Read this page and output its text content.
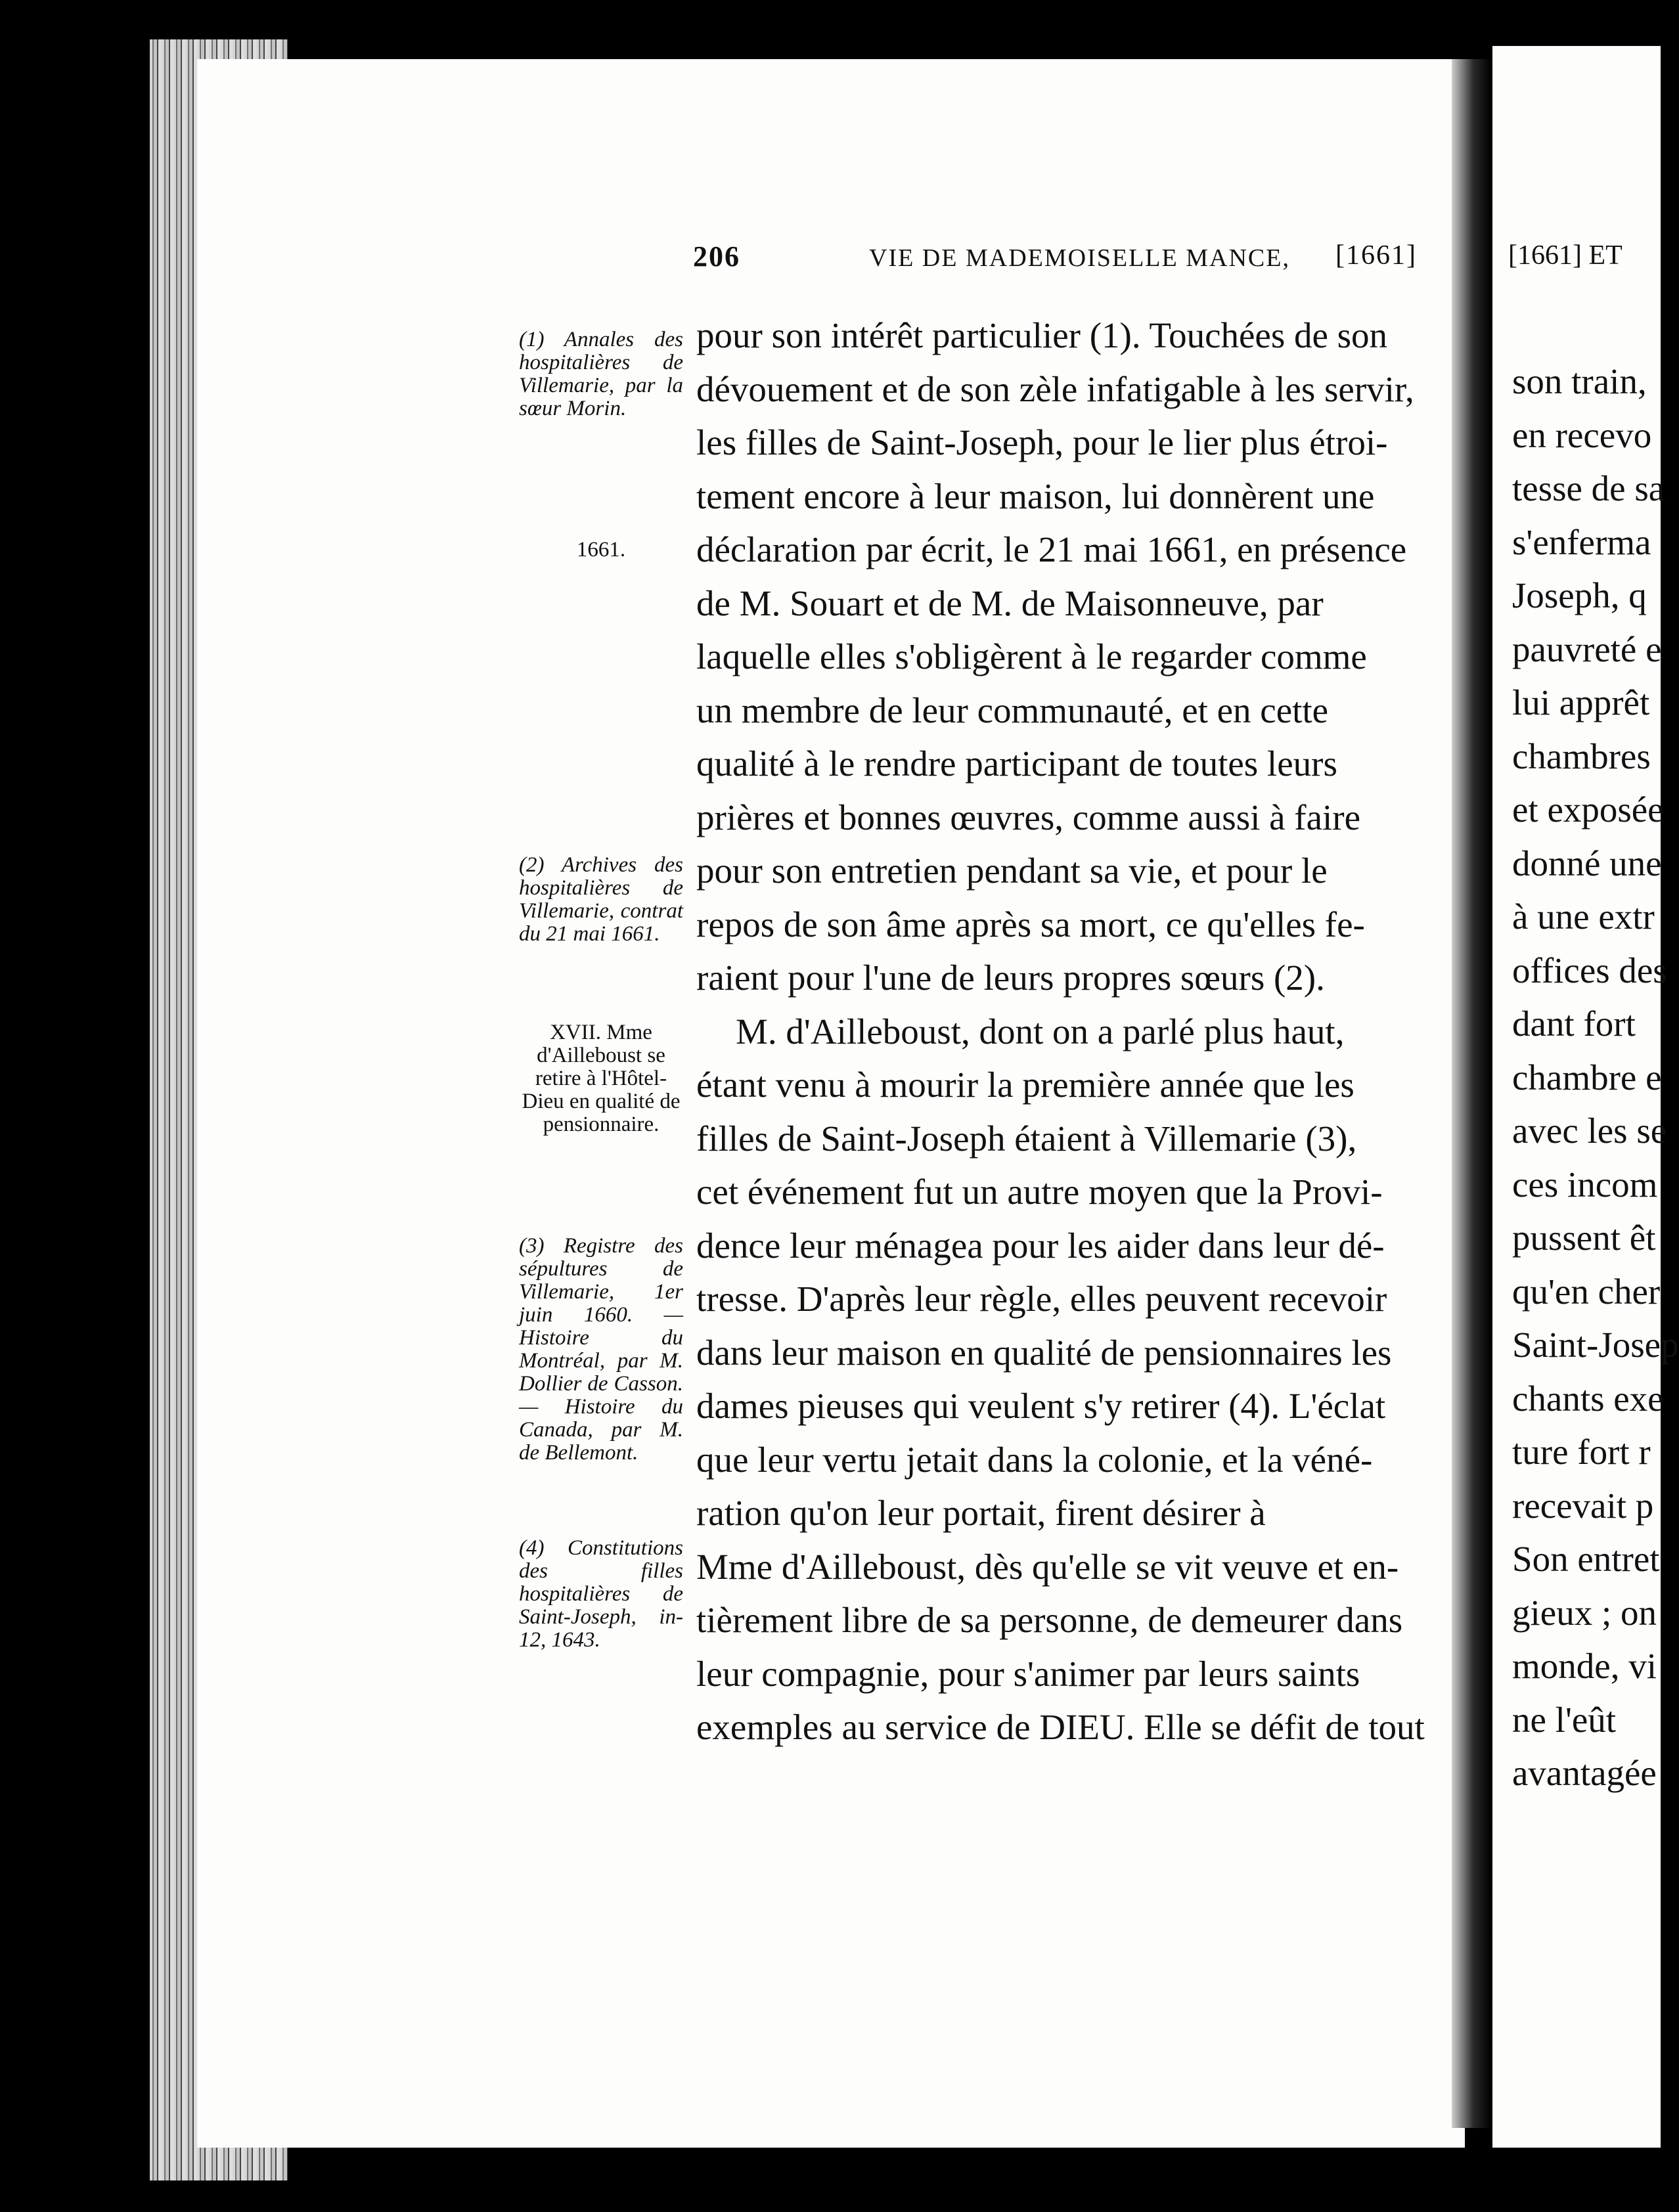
206	VIE DE MADEMOISELLE MANCE, [1661]
(1) Annales des hospitalières de Villemarie, par la sœur Morin.
1661.
(2) Archives des hospitalières de Villemarie, contrat du 21 mai 1661.
XVII. Mme d'Ailleboust se retire à l'Hôtel-Dieu en qualité de pensionnaire.
(3) Registre des sépultures de Villemarie, 1er juin 1660. —Histoire du Montréal, par M. Dollier de Casson.— Histoire du Canada, par M. de Bellemont.
(4) Constitutions des filles hospitalières de Saint-Joseph, in-12, 1643.
pour son intérêt particulier (1). Touchées de son
dévouement et de son zèle infatigable à les servir,
les filles de Saint-Joseph, pour le lier plus étroi-
tement encore à leur maison, lui donnèrent une
déclaration par écrit, le 21 mai 1661, en présence
de M. Souart et de M. de Maisonneuve, par
laquelle elles s'obligèrent à le regarder comme
un membre de leur communauté, et en cette
qualité à le rendre participant de toutes leurs
prières et bonnes œuvres, comme aussi à faire
pour son entretien pendant sa vie, et pour le
repos de son âme après sa mort, ce qu'elles fe-
raient pour l'une de leurs propres sœurs (2).
M. d'Ailleboust, dont on a parlé plus haut,
étant venu à mourir la première année que les
filles de Saint-Joseph étaient à Villemarie (3),
cet événement fut un autre moyen que la Provi-
dence leur ménagea pour les aider dans leur dé-
tresse. D'après leur règle, elles peuvent recevoir
dans leur maison en qualité de pensionnaires les
dames pieuses qui veulent s'y retirer (4). L'éclat
que leur vertu jetait dans la colonie, et la véné-
ration qu'on leur portait, firent désirer à
Mme d'Ailleboust, dès qu'elle se vit veuve et en-
tièrement libre de sa personne, de demeurer dans
leur compagnie, pour s'animer par leurs saints
exemples au service de DIEU. Elle se défit de tout
[1661] ET
son train,
en recevo
tesse de sa
s'enferma
Joseph, q
pauvreté e
lui apprêt
chambres
et exposée
donné une
à une extr
offices des
dant fort
chambre e
avec les se
ces incom
pussent êt
qu'en cher
Saint-Josep
chants exe
ture fort r
recevait p
Son entret
gieux ; on
monde, vi
ne l'eût
avantagée
